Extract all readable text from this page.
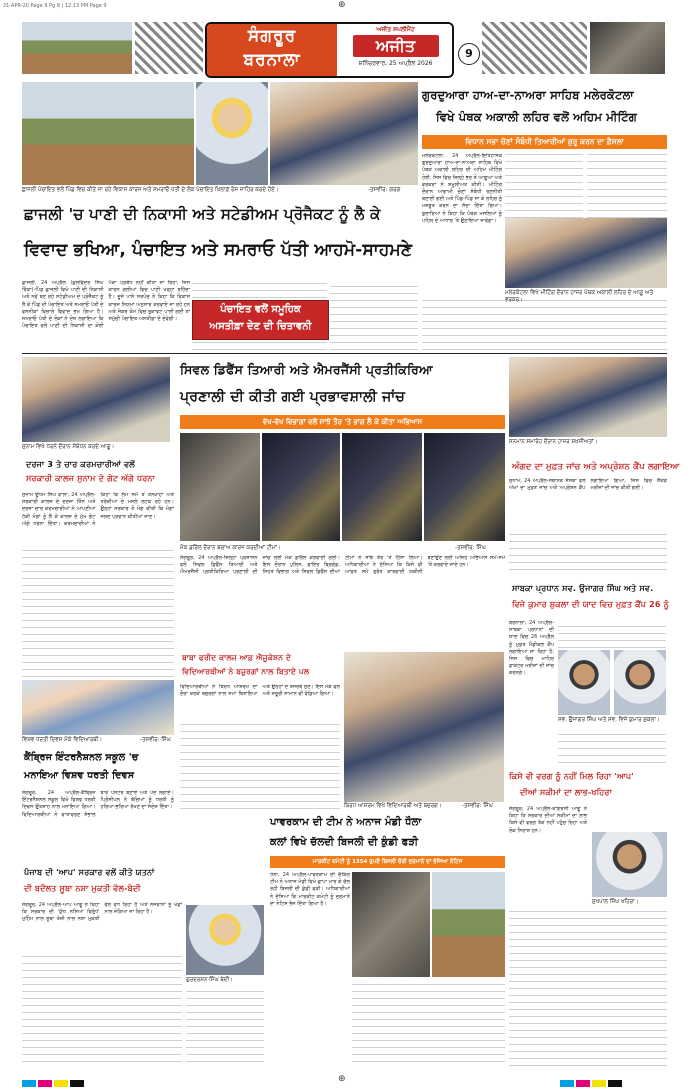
21-APR-20 Page 9 Pg 9 | 12:13 PM Page 9	⊕
ਸੰਗਰੂਰ
ਬਰਨਾਲਾ
ਅਜੀਤ ਸਪਲੀਮੈਂਟ
ਅਜੀਤ
ਸ਼ਨਿੱਚਰਵਾਰ, 25 ਅਪ੍ਰੈਲ 2026
9
ਛਾਜਲੀ ਪੰਚਾਇਤ ਵਲੋਂ ਪਿੰਡ ਵਿਚ ਕੀਤੇ ਜਾ ਰਹੇ ਵਿਕਾਸ ਕਾਰਜ ਅਤੇ ਸਮਰਾਓ ਪੱਤੀ ਦੇ ਲੋਕ ਪੰਚਾਇਤ ਖ਼ਿਲਾਫ਼ ਰੋਸ ਜ਼ਾਹਿਰ ਕਰਦੇ ਹੋਏ।	-ਤਸਵੀਰ: ਗਰਗ
ਛਾਜਲੀ 'ਚ ਪਾਣੀ ਦੀ ਨਿਕਾਸੀ ਅਤੇ ਸਟੇਡੀਅਮ ਪ੍ਰੋਜੈਕਟ ਨੂੰ ਲੈ ਕੇ
ਵਿਵਾਦ ਭਖਿਆ, ਪੰਚਾਇਤ ਅਤੇ ਸਮਰਾਓ ਪੱਤੀ ਆਹਮੋ-ਸਾਹਮਣੇ
ਛਾਜਲੀ, 24 ਅਪ੍ਰੈਲ (ਕੁਲਵਿੰਦਰ ਸਿੰਘ ਰਿੰਕਾ)-ਪਿੰਡ ਛਾਜਲੀ ਵਿਖੇ ਪਾਣੀ ਦੀ ਨਿਕਾਸੀ ਅਤੇ ਨਵੇਂ ਬਣ ਰਹੇ ਸਟੇਡੀਅਮ ਦੇ ਪ੍ਰੋਜੈਕਟ ਨੂੰ ਲੈ ਕੇ ਪਿੰਡ ਦੀ ਪੰਚਾਇਤ ਅਤੇ ਸਮਰਾਓ ਪੱਤੀ ਦੇ ਵਸਨੀਕਾਂ ਵਿਚਾਲੇ ਵਿਵਾਦ ਭਖ ਗਿਆ ਹੈ। ਸਮਰਾਓ ਪੱਤੀ ਦੇ ਲੋਕਾਂ ਨੇ ਦੋਸ਼ ਲਗਾਇਆ ਕਿ ਪੰਚਾਇਤ ਵਲੋਂ ਪਾਣੀ ਦੀ ਨਿਕਾਸੀ ਦਾ ਕੋਈ ਪੱਕਾ ਪ੍ਰਬੰਧ ਨਹੀਂ ਕੀਤਾ ਜਾ ਰਿਹਾ, ਜਿਸ ਕਾਰਨ ਗਲੀਆਂ ਵਿਚ ਪਾਣੀ ਖੜ੍ਹਾ ਰਹਿੰਦਾ ਹੈ। ਦੂਜੇ ਪਾਸੇ ਸਰਪੰਚ ਨੇ ਕਿਹਾ ਕਿ ਵਿਕਾਸ ਕਾਰਜ ਨਿਯਮਾਂ ਅਨੁਸਾਰ ਕਰਵਾਏ ਜਾ ਰਹੇ ਹਨ ਅਤੇ ਜੇਕਰ ਕੰਮ ਵਿਚ ਰੁਕਾਵਟ ਪਾਈ ਗਈ ਤਾਂ ਸਮੁੱਚੀ ਪੰਚਾਇਤ ਅਸਤੀਫ਼ਾ ਦੇ ਦੇਵੇਗੀ।
ਪੰਚਾਇਤ ਵਲੋਂ ਸਮੂਹਿਕ
ਅਸਤੀਫ਼ਾ ਦੇਣ ਦੀ ਚਿਤਾਵਨੀ
ਗੁਰਦੁਆਰਾ ਹਾਅ-ਦਾ-ਨਾਅਰਾ ਸਾਹਿਬ ਮਲੇਰਕੋਟਲਾ
ਵਿਖੇ ਪੰਥਕ ਅਕਾਲੀ ਲਹਿਰ ਵਲੋਂ ਅਹਿਮ ਮੀਟਿੰਗ
ਵਿਧਾਨ ਸਭਾ ਚੋਣਾਂ ਸੰਬੰਧੀ ਤਿਆਰੀਆਂ ਸ਼ੁਰੂ ਕਰਨ ਦਾ ਫ਼ੈਸਲਾ
ਮਲੇਰਕੋਟਲਾ, 24 ਅਪ੍ਰੈਲ-ਇਤਿਹਾਸਕ ਗੁਰਦੁਆਰਾ ਹਾਅ-ਦਾ-ਨਾਅਰਾ ਸਾਹਿਬ ਵਿਖੇ ਪੰਥਕ ਅਕਾਲੀ ਲਹਿਰ ਦੀ ਅਹਿਮ ਮੀਟਿੰਗ ਹੋਈ, ਜਿਸ ਵਿਚ ਜ਼ਿਲ੍ਹੇ ਭਰ ਤੋਂ ਆਗੂਆਂ ਅਤੇ ਵਰਕਰਾਂ ਨੇ ਸ਼ਮੂਲੀਅਤ ਕੀਤੀ। ਮੀਟਿੰਗ ਦੌਰਾਨ ਆਗਾਮੀ ਚੋਣਾਂ ਸੰਬੰਧੀ ਰਣਨੀਤੀ ਬਣਾਈ ਗਈ ਅਤੇ ਪਿੰਡ-ਪਿੰਡ ਜਾ ਕੇ ਲਹਿਰ ਨੂੰ ਮਜ਼ਬੂਤ ਕਰਨ ਦਾ ਸੱਦਾ ਦਿੱਤਾ ਗਿਆ। ਬੁਲਾਰਿਆਂ ਨੇ ਕਿਹਾ ਕਿ ਪੰਥਕ ਮਸਲਿਆਂ ਨੂੰ ਪਹਿਲ ਦੇ ਆਧਾਰ 'ਤੇ ਉਠਾਇਆ ਜਾਵੇਗਾ।
ਮਲੇਰਕੋਟਲਾ ਵਿਖੇ ਮੀਟਿੰਗ ਦੌਰਾਨ ਹਾਜ਼ਰ ਪੰਥਕ ਅਕਾਲੀ ਲਹਿਰ ਦੇ ਆਗੂ ਅਤੇ ਵਰਕਰ।
ਸੁਨਾਮ ਵਿਖੇ ਧਰਨੇ ਦੌਰਾਨ ਸੰਬੋਧਨ ਕਰਦੇ ਆਗੂ।
ਸਿਵਲ ਡਿਫੈਂਸ ਤਿਆਰੀ ਅਤੇ ਐਮਰਜੈਂਸੀ ਪ੍ਰਤੀਕਿਰਿਆ
ਪ੍ਰਣਾਲੀ ਦੀ ਕੀਤੀ ਗਈ ਪ੍ਰਭਾਵਸ਼ਾਲੀ ਜਾਂਚ
ਵੱਖ-ਵੱਖ ਵਿਭਾਗਾਂ ਵਲੋਂ ਸਾਂਝੇ ਤੌਰ 'ਤੇ ਭਾਗ ਲੈ ਕੇ ਕੀਤਾ ਅਭਿਆਸ
ਮੌਕ ਡਰਿੱਲ ਦੌਰਾਨ ਬਚਾਅ ਕਾਰਜ ਕਰਦੀਆਂ ਟੀਮਾਂ।	-ਤਸਵੀਰ: ਸਿੰਘ
ਸੰਗਰੂਰ, 24 ਅਪ੍ਰੈਲ-ਜ਼ਿਲ੍ਹਾ ਪ੍ਰਸ਼ਾਸਨ ਵਲੋਂ ਸਿਵਲ ਡਿਫੈਂਸ ਤਿਆਰੀ ਅਤੇ ਐਮਰਜੈਂਸੀ ਪ੍ਰਤੀਕਿਰਿਆ ਪ੍ਰਣਾਲੀ ਦੀ ਜਾਂਚ ਲਈ ਮੌਕ ਡਰਿੱਲ ਕਰਵਾਈ ਗਈ। ਇਸ ਦੌਰਾਨ ਪੁਲਿਸ, ਫਾਇਰ ਬ੍ਰਿਗੇਡ, ਸਿਹਤ ਵਿਭਾਗ ਅਤੇ ਸਿਵਲ ਡਿਫੈਂਸ ਦੀਆਂ ਟੀਮਾਂ ਨੇ ਸਾਂਝੇ ਤੌਰ 'ਤੇ ਹਿੱਸਾ ਲਿਆ। ਅਧਿਕਾਰੀਆਂ ਨੇ ਦੱਸਿਆ ਕਿ ਕਿਸੇ ਵੀ ਆਫ਼ਤ ਸਮੇਂ ਤੁਰੰਤ ਕਾਰਵਾਈ ਯਕੀਨੀ ਬਣਾਉਣ ਲਈ ਅਜਿਹੇ ਅਭਿਆਸ ਸਮੇਂ-ਸਮੇਂ 'ਤੇ ਕਰਵਾਏ ਜਾਂਦੇ ਹਨ।
ਦਰਜਾ 3 ਤੇ ਚਾਰ ਕਰਮਚਾਰੀਆਂ ਵਲੋਂ
ਸਰਕਾਰੀ ਕਾਲਜ ਸੁਨਾਮ ਦੇ ਗੇਟ ਅੱਗੇ ਧਰਨਾ
ਸੁਨਾਮ ਊਧਮ ਸਿੰਘ ਵਾਲਾ, 24 ਅਪ੍ਰੈਲ-ਸਰਕਾਰੀ ਕਾਲਜ ਦੇ ਦਰਜਾ ਤਿੰਨ ਅਤੇ ਦਰਜਾ ਚਾਰ ਕਰਮਚਾਰੀਆਂ ਨੇ ਆਪਣੀਆਂ ਹੱਕੀ ਮੰਗਾਂ ਨੂੰ ਲੈ ਕੇ ਕਾਲਜ ਦੇ ਮੁੱਖ ਗੇਟ ਅੱਗੇ ਧਰਨਾ ਦਿੱਤਾ। ਕਰਮਚਾਰੀਆਂ ਨੇ ਕਿਹਾ ਕਿ ਲੰਮੇ ਸਮੇਂ ਤੋਂ ਤਨਖ਼ਾਹਾਂ ਅਤੇ ਤਰੱਕੀਆਂ ਦੇ ਮਸਲੇ ਲਟਕ ਰਹੇ ਹਨ। ਉਨ੍ਹਾਂ ਸਰਕਾਰ ਤੋਂ ਮੰਗ ਕੀਤੀ ਕਿ ਮੰਗਾਂ ਜਲਦ ਪ੍ਰਵਾਨ ਕੀਤੀਆਂ ਜਾਣ।
ਸਨਮਾਨ ਸਮਾਰੋਹ ਦੌਰਾਨ ਹਾਜ਼ਰ ਸ਼ਖ਼ਸੀਅਤਾਂ।
ਅੰਗਦ ਦਾ ਮੁਫ਼ਤ ਜਾਂਚ ਅਤੇ ਅਪ੍ਰੇਸ਼ਨ ਕੈਂਪ ਲਗਾਇਆ
ਸੁਨਾਮ, 24 ਅਪ੍ਰੈਲ-ਸਥਾਨਕ ਸੰਸਥਾ ਵਲੋਂ ਅੱਖਾਂ ਦਾ ਮੁਫ਼ਤ ਜਾਂਚ ਅਤੇ ਅਪ੍ਰੇਸ਼ਨ ਕੈਂਪ ਲਗਾਇਆ ਗਿਆ, ਜਿਸ ਵਿਚ ਸੈਂਕੜੇ ਮਰੀਜ਼ਾਂ ਦੀ ਜਾਂਚ ਕੀਤੀ ਗਈ।
ਸਾਬਕਾ ਪ੍ਰਧਾਨ ਸਵ. ਉਜਾਗਰ ਸਿੰਘ ਅਤੇ ਸਵ.
ਵਿਜੇ ਕੁਮਾਰ ਸ਼ੁਕਲਾ ਦੀ ਯਾਦ ਵਿਚ ਮੁਫ਼ਤ ਕੈਂਪ 26 ਨੂੰ
ਬਰਨਾਲਾ, 24 ਅਪ੍ਰੈਲ-ਸਾਬਕਾ ਪ੍ਰਧਾਨਾਂ ਦੀ ਯਾਦ ਵਿਚ 26 ਅਪ੍ਰੈਲ ਨੂੰ ਮੁਫ਼ਤ ਮੈਡੀਕਲ ਕੈਂਪ ਲਗਾਇਆ ਜਾ ਰਿਹਾ ਹੈ, ਜਿਸ ਵਿਚ ਮਾਹਿਰ ਡਾਕਟਰ ਮਰੀਜ਼ਾਂ ਦੀ ਜਾਂਚ ਕਰਨਗੇ।
ਸਵ. ਉਜਾਗਰ ਸਿੰਘ ਅਤੇ ਸਵ. ਵਿਜੇ ਕੁਮਾਰ ਸ਼ੁਕਲਾ।
ਵਿਸ਼ਵ ਧਰਤੀ ਦਿਵਸ ਮੌਕੇ ਵਿਦਿਆਰਥੀ।	-ਤਸਵੀਰ: ਸਿੰਘ
ਕੈਂਬ੍ਰਿਜ ਇੰਟਰਨੈਸ਼ਨਲ ਸਕੂਲ 'ਚ
ਮਨਾਇਆ ਵਿਸ਼ਵ ਧਰਤੀ ਦਿਵਸ
ਸੰਗਰੂਰ, 24 ਅਪ੍ਰੈਲ-ਕੈਂਬ੍ਰਿਜ ਇੰਟਰਨੈਸ਼ਨਲ ਸਕੂਲ ਵਿਖੇ ਵਿਸ਼ਵ ਧਰਤੀ ਦਿਵਸ ਉਤਸ਼ਾਹ ਨਾਲ ਮਨਾਇਆ ਗਿਆ। ਵਿਦਿਆਰਥੀਆਂ ਨੇ ਵਾਤਾਵਰਣ ਸੰਭਾਲ ਬਾਰੇ ਪੋਸਟਰ ਬਣਾਏ ਅਤੇ ਪੌਦੇ ਲਗਾਏ। ਪ੍ਰਿੰਸੀਪਲ ਨੇ ਬੱਚਿਆਂ ਨੂੰ ਧਰਤੀ ਨੂੰ ਹਰਿਆ-ਭਰਿਆ ਰੱਖਣ ਦਾ ਸੰਦੇਸ਼ ਦਿੱਤਾ।
ਬਾਬਾ ਫਰੀਦ ਕਾਲਜ ਆਫ਼ ਐਜੂਕੇਸ਼ਨ ਦੇ
ਵਿਦਿਆਰਥੀਆਂ ਨੇ ਬਜ਼ੁਰਗਾਂ ਨਾਲ ਬਿਤਾਏ ਪਲ
ਵਿਦਿਆਰਥੀਆਂ ਨੇ ਬਿਰਧ ਆਸ਼ਰਮ ਦਾ ਦੌਰਾ ਕਰਕੇ ਬਜ਼ੁਰਗਾਂ ਨਾਲ ਸਮਾਂ ਬਿਤਾਇਆ ਅਤੇ ਉਨ੍ਹਾਂ ਦੇ ਤਜਰਬੇ ਸੁਣੇ। ਇਸ ਮੌਕੇ ਫਲ ਅਤੇ ਜ਼ਰੂਰੀ ਸਾਮਾਨ ਵੀ ਵੰਡਿਆ ਗਿਆ।
ਬਿਰਧ ਆਸ਼ਰਮ ਵਿਖੇ ਵਿਦਿਆਰਥੀ ਅਤੇ ਬਜ਼ੁਰਗ।	-ਤਸਵੀਰ: ਸਿੰਘ
ਕਿਸੇ ਵੀ ਵਰਗ ਨੂੰ ਨਹੀਂ ਮਿਲ ਰਿਹਾ 'ਆਪ'
ਦੀਆਂ ਸਕੀਮਾਂ ਦਾ ਲਾਭ-ਖਹਿਰਾ
ਸੰਗਰੂਰ, 24 ਅਪ੍ਰੈਲ-ਕਾਂਗਰਸੀ ਆਗੂ ਨੇ ਕਿਹਾ ਕਿ ਸਰਕਾਰ ਦੀਆਂ ਸਕੀਮਾਂ ਦਾ ਲਾਭ ਕਿਸੇ ਵੀ ਵਰਗ ਤੱਕ ਨਹੀਂ ਪਹੁੰਚ ਰਿਹਾ ਅਤੇ ਲੋਕ ਨਿਰਾਸ਼ ਹਨ।
ਸੁਖਪਾਲ ਸਿੰਘ ਖਹਿਰਾ।
ਪਾਵਰਕਾਮ ਦੀ ਟੀਮ ਨੇ ਅਨਾਜ ਮੰਡੀ ਧੌਲਾ
ਕਲਾਂ ਵਿਖੇ ਚੱਲਦੀ ਬਿਜਲੀ ਦੀ ਕੁੰਡੀ ਫੜੀ
ਮਾਰਕੀਟ ਕਮੇਟੀ ਨੂੰ 1354 ਰੁਪਏ ਬਿਜਲੀ ਚੋਰੀ ਜੁਰਮਾਨੇ ਦਾ ਭੇਜਿਆ ਨੋਟਿਸ
ਧੌਲਾ, 24 ਅਪ੍ਰੈਲ-ਪਾਵਰਕਾਮ ਦੀ ਚੈਕਿੰਗ ਟੀਮ ਨੇ ਅਨਾਜ ਮੰਡੀ ਵਿਖੇ ਛਾਪਾ ਮਾਰ ਕੇ ਚੱਲ ਰਹੀ ਬਿਜਲੀ ਦੀ ਕੁੰਡੀ ਫੜੀ। ਅਧਿਕਾਰੀਆਂ ਨੇ ਦੱਸਿਆ ਕਿ ਮਾਰਕੀਟ ਕਮੇਟੀ ਨੂੰ ਜੁਰਮਾਨੇ ਦਾ ਨੋਟਿਸ ਭੇਜ ਦਿੱਤਾ ਗਿਆ ਹੈ।
ਪੰਜਾਬ ਦੀ 'ਆਪ' ਸਰਕਾਰ ਵਲੋਂ ਕੀਤੇ ਯਤਨਾਂ
ਦੀ ਬਦੌਲਤ ਸੂਬਾ ਨਸ਼ਾ ਮੁਕਤੀ ਵੱਲ-ਬੇਦੀ
ਸੰਗਰੂਰ, 24 ਅਪ੍ਰੈਲ-ਆਪ ਆਗੂ ਨੇ ਕਿਹਾ ਕਿ ਸਰਕਾਰ ਦੀ 'ਯੁੱਧ ਨਸ਼ਿਆਂ ਵਿਰੁੱਧ' ਮੁਹਿੰਮ ਨਾਲ ਸੂਬਾ ਤੇਜ਼ੀ ਨਾਲ ਨਸ਼ਾ ਮੁਕਤੀ ਵੱਲ ਵਧ ਰਿਹਾ ਹੈ ਅਤੇ ਨੌਜਵਾਨਾਂ ਨੂੰ ਖੇਡਾਂ ਨਾਲ ਜੋੜਿਆ ਜਾ ਰਿਹਾ ਹੈ।
ਗੁਰਦਰਸ਼ਨ ਸਿੰਘ ਬੇਦੀ।
⊕
